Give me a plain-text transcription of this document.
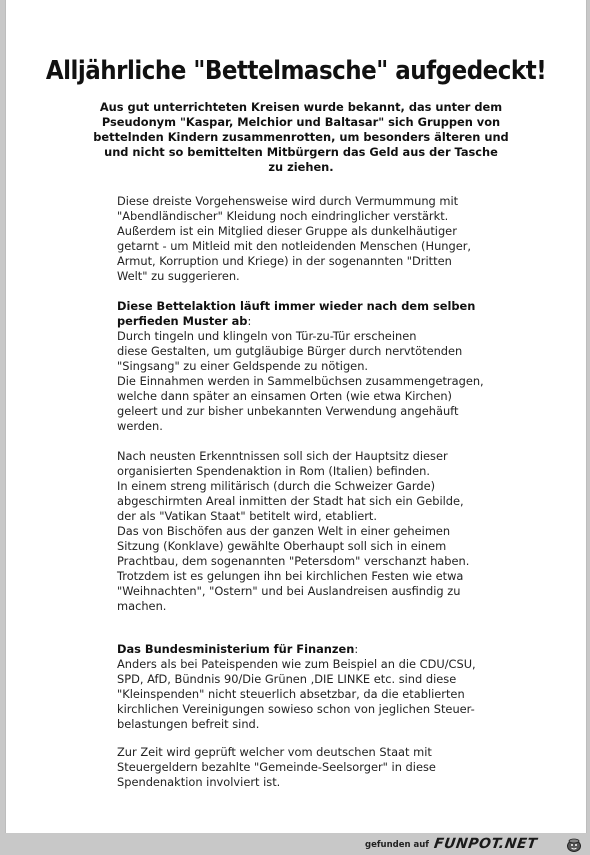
Alljährliche "Bettelmasche" aufgedeckt!
Aus gut unterrichteten Kreisen wurde bekannt, das unter dem
Pseudonym "Kaspar, Melchior und Baltasar" sich Gruppen von
bettelnden Kindern zusammenrotten, um besonders älteren und
und nicht so bemittelten Mitbürgern das Geld aus der Tasche
zu ziehen.
Diese dreiste Vorgehensweise wird durch Vermummung mit
"Abendländischer" Kleidung noch eindringlicher verstärkt.
Außerdem ist ein Mitglied dieser Gruppe als dunkelhäutiger
getarnt - um Mitleid mit den notleidenden Menschen (Hunger,
Armut, Korruption und Kriege) in der sogenannten "Dritten
Welt" zu suggerieren.
Diese Bettelaktion läuft immer wieder nach dem selben
perfieden Muster ab:
Durch tingeln und klingeln von Tür-zu-Tür erscheinen
diese Gestalten, um gutgläubige Bürger durch nervtötenden
"Singsang" zu einer Geldspende zu nötigen.
Die Einnahmen werden in Sammelbüchsen zusammengetragen,
welche dann später an einsamen Orten (wie etwa Kirchen)
geleert und zur bisher unbekannten Verwendung angehäuft
werden.
Nach neusten Erkenntnissen soll sich der Hauptsitz dieser
organisierten Spendenaktion in Rom (Italien) befinden.
In einem streng militärisch (durch die Schweizer Garde)
abgeschirmten Areal inmitten der Stadt hat sich ein Gebilde,
der als "Vatikan Staat" betitelt wird, etabliert.
Das von Bischöfen aus der ganzen Welt in einer geheimen
Sitzung (Konklave) gewählte Oberhaupt soll sich in einem
Prachtbau, dem sogenannten "Petersdom" verschanzt haben.
Trotzdem ist es gelungen ihn bei kirchlichen Festen wie etwa
"Weihnachten", "Ostern" und bei Auslandreisen ausfindig zu
machen.
Das Bundesministerium für Finanzen:
Anders als bei Pateispenden wie zum Beispiel an die CDU/CSU,
SPD, AfD, Bündnis 90/Die Grünen ,DIE LINKE etc. sind diese
"Kleinspenden" nicht steuerlich absetzbar, da die etablierten
kirchlichen Vereinigungen sowieso schon von jeglichen Steuer-
belastungen befreit sind.
Zur Zeit wird geprüft welcher vom deutschen Staat mit
Steuergeldern bezahlte "Gemeinde-Seelsorger" in diese
Spendenaktion involviert ist.
gefunden auf FUNPOT.NET
